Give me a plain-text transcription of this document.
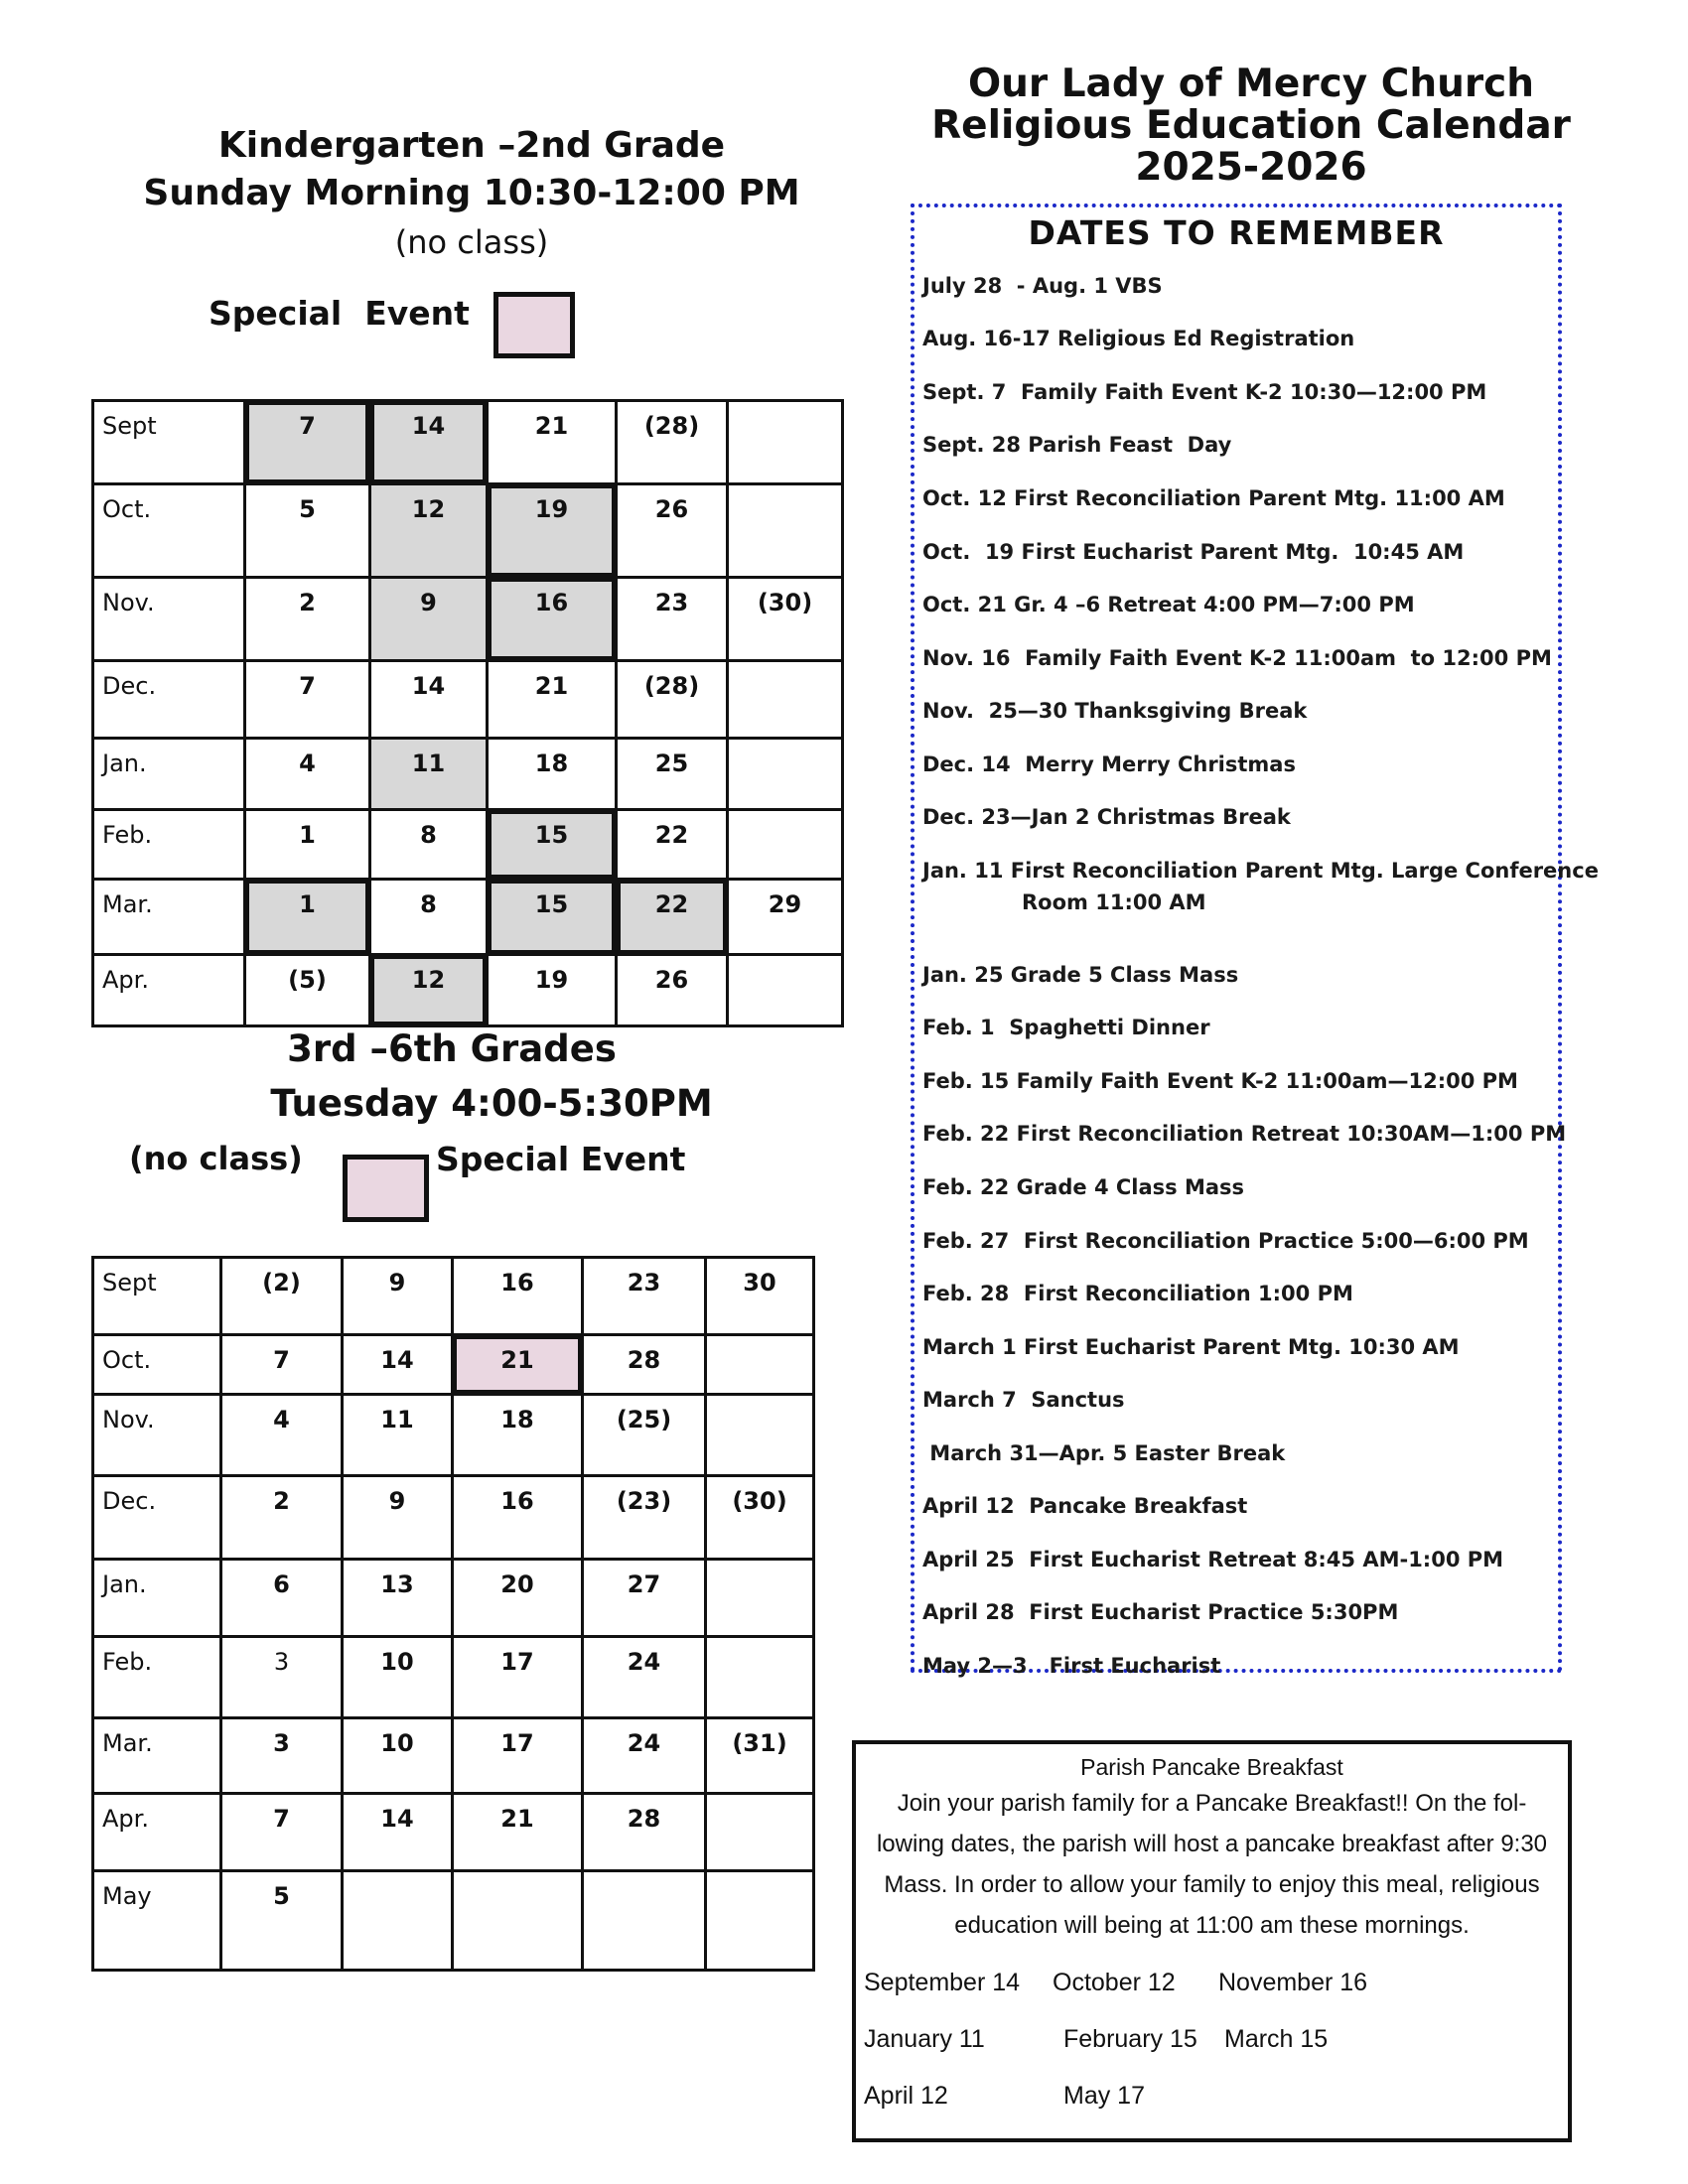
Our Lady of Mercy Church
Religious Education Calendar
2025-2026
Kindergarten –2nd Grade
Sunday Morning 10:30-12:00 PM
(no class)
Special  Event
Sept	7	14	21	(28)	
Oct.	5	12	19	26	
Nov.	2	9	16	23	(30)
Dec.	7	14	21	(28)	
Jan.	4	11	18	25	
Feb.	1	8	15	22	
Mar.	1	8	15	22	29
Apr.	(5)	12	19	26	
3rd –6th Grades
Tuesday 4:00-5:30PM
(no class)	Special Event
Sept	(2)	9	16	23	30
Oct.	7	14	21	28	
Nov.	4	11	18	(25)	
Dec.	2	9	16	(23)	(30)
Jan.	6	13	20	27	
Feb.	3	10	17	24	
Mar.	3	10	17	24	(31)
Apr.	7	14	21	28	
May	5				
DATES TO REMEMBER
July 28  - Aug. 1 VBS
Aug. 16-17 Religious Ed Registration
Sept. 7  Family Faith Event K-2 10:30—12:00 PM
Sept. 28 Parish Feast  Day
Oct. 12 First Reconciliation Parent Mtg. 11:00 AM
Oct.  19 First Eucharist Parent Mtg.  10:45 AM
Oct. 21 Gr. 4 –6 Retreat 4:00 PM—7:00 PM
Nov. 16  Family Faith Event K-2 11:00am  to 12:00 PM
Nov.  25—30 Thanksgiving Break
Dec. 14  Merry Merry Christmas
Dec. 23—Jan 2 Christmas Break
Jan. 11 First Reconciliation Parent Mtg. Large Conference
Room 11:00 AM
Jan. 25 Grade 5 Class Mass
Feb. 1  Spaghetti Dinner
Feb. 15 Family Faith Event K-2 11:00am—12:00 PM
Feb. 22 First Reconciliation Retreat 10:30AM—1:00 PM
Feb. 22 Grade 4 Class Mass
Feb. 27  First Reconciliation Practice 5:00—6:00 PM
Feb. 28  First Reconciliation 1:00 PM
March 1 First Eucharist Parent Mtg. 10:30 AM
March 7  Sanctus
March 31—Apr. 5 Easter Break
April 12  Pancake Breakfast
April 25  First Eucharist Retreat 8:45 AM-1:00 PM
April 28  First Eucharist Practice 5:30PM
May 2—3   First Eucharist
Parish Pancake Breakfast
Join your parish family for a Pancake Breakfast!! On the fol-lowing dates, the parish will host a pancake breakfast after 9:30 Mass. In order to allow your family to enjoy this meal, religious education will being at 11:00 am these mornings.
September 14 October 12 November 16
January 11	February 15 March 15
April 12	May 17
